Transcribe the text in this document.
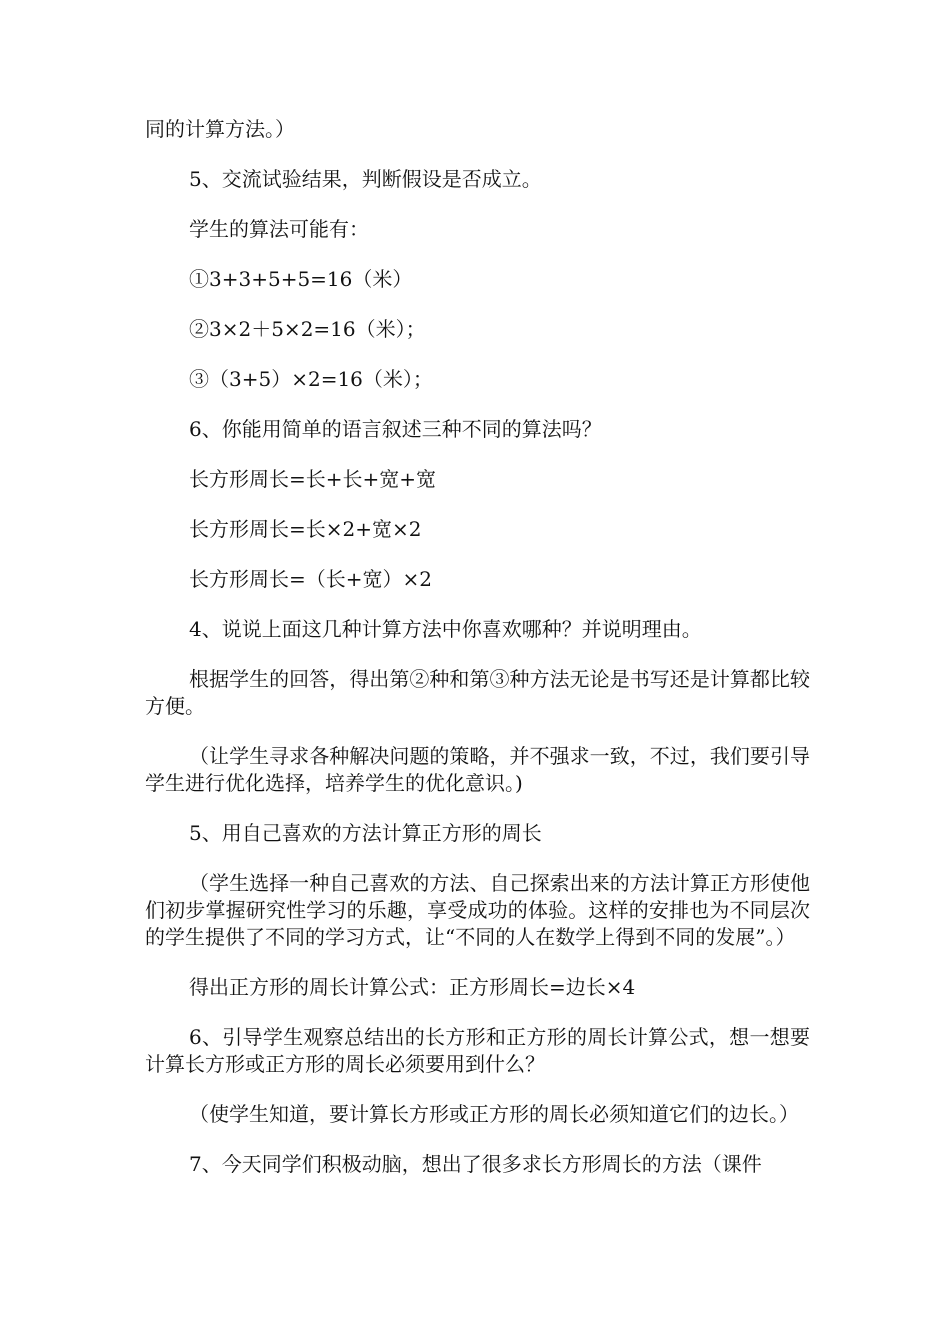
同的计算方法。）

5、交流试验结果，判断假设是否成立。

学生的算法可能有：

①3+3+5+5=16（米）

②3×2＋5×2=16（米）；

③（3+5）×2=16（米）；

6、你能用简单的语言叙述三种不同的算法吗？

长方形周长=长+长+宽+宽

长方形周长=长×2+宽×2

长方形周长=（长+宽）×2

4、说说上面这几种计算方法中你喜欢哪种？并说明理由。

根据学生的回答，得出第②种和第③种方法无论是书写还是计算都比较方便。

（让学生寻求各种解决问题的策略，并不强求一致，不过，我们要引导学生进行优化选择，培养学生的优化意识。)

5、用自己喜欢的方法计算正方形的周长

（学生选择一种自己喜欢的方法、自己探索出来的方法计算正方形使他们初步掌握研究性学习的乐趣，享受成功的体验。这样的安排也为不同层次的学生提供了不同的学习方式，让“不同的人在数学上得到不同的发展”。）

得出正方形的周长计算公式：正方形周长=边长×4

6、引导学生观察总结出的长方形和正方形的周长计算公式，想一想要计算长方形或正方形的周长必须要用到什么？

（使学生知道，要计算长方形或正方形的周长必须知道它们的边长。）

7、今天同学们积极动脑，想出了很多求长方形周长的方法（课件
